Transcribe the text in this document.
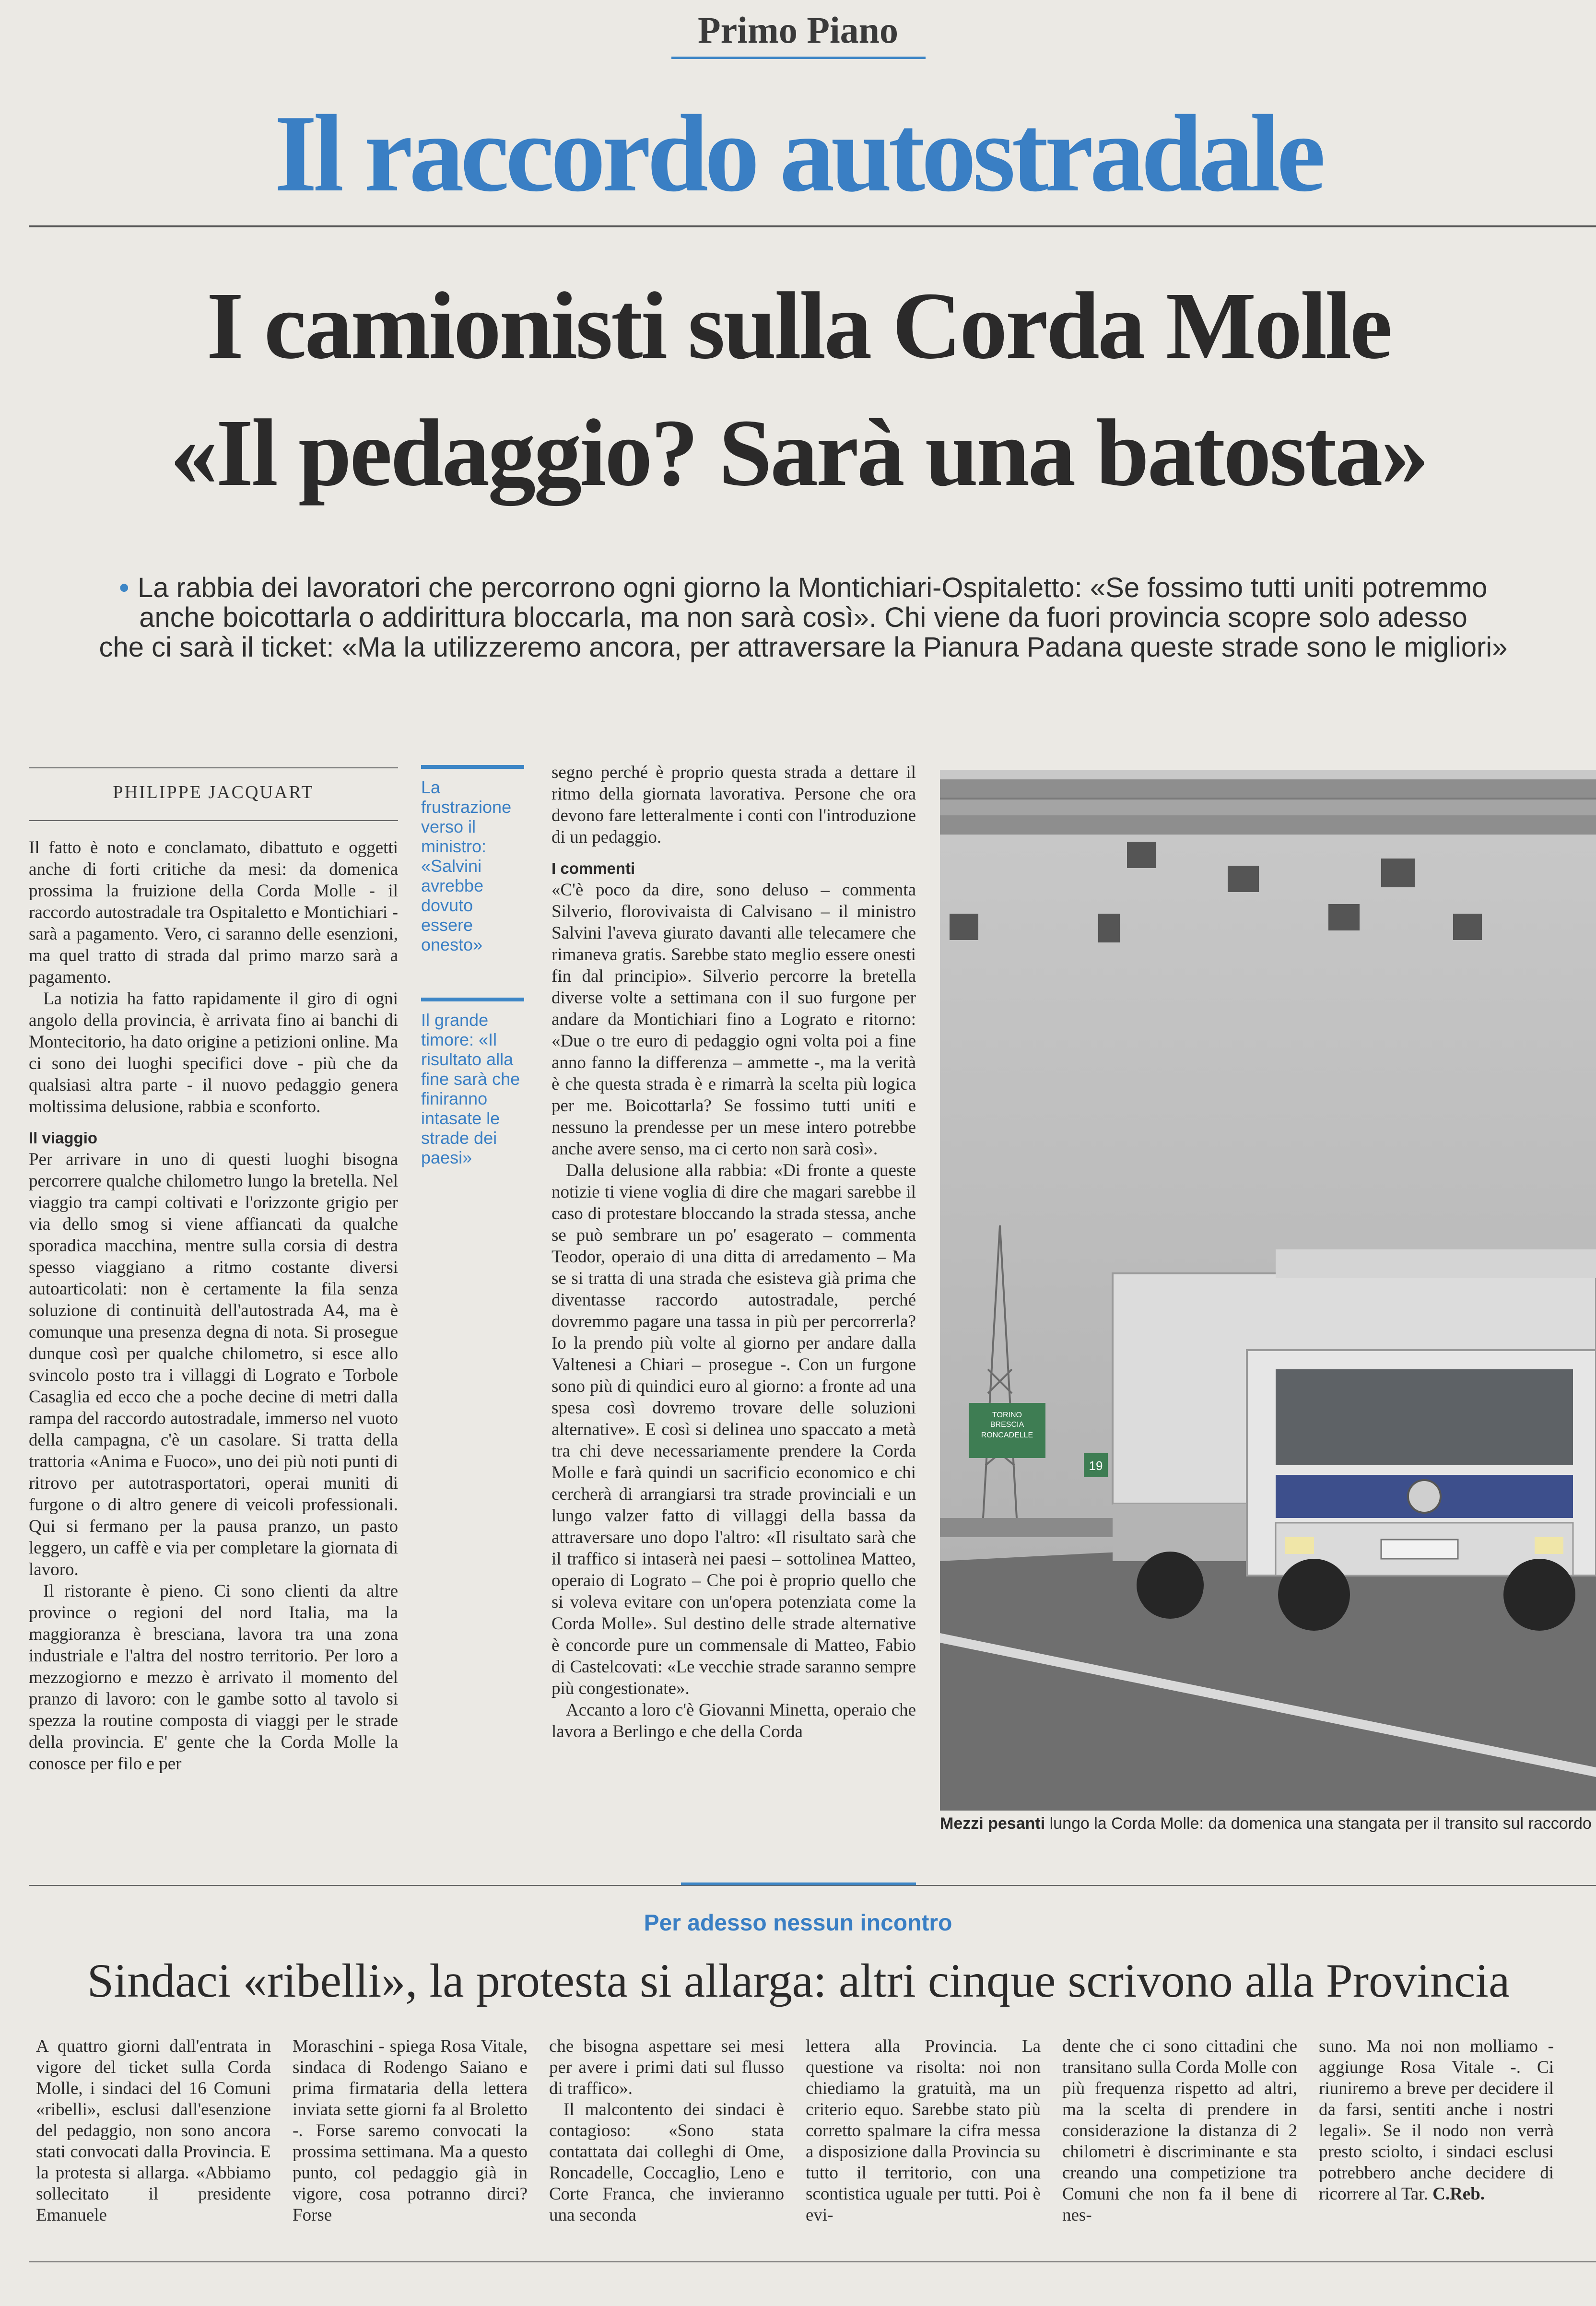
Primo Piano
Il raccordo autostradale
I camionisti sulla Corda Molle
«Il pedaggio? Sarà una batosta»
• La rabbia dei lavoratori che percorrono ogni giorno la Montichiari-Ospitaletto: «Se fossimo tutti uniti potremmo
anche boicottarla o addirittura bloccarla, ma non sarà così». Chi viene da fuori provincia scopre solo adesso
che ci sarà il ticket: «Ma la utilizzeremo ancora, per attraversare la Pianura Padana queste strade sono le migliori»
PHILIPPE JACQUART

Il fatto è noto e conclamato, dibattuto e oggetti anche di forti critiche da mesi: da domenica prossima la fruizione della Corda Molle - il raccordo autostradale tra Ospitaletto e Montichiari - sarà a pagamento. Vero, ci saranno delle esenzioni, ma quel tratto di strada dal primo marzo sarà a pagamento.

La notizia ha fatto rapidamente il giro di ogni angolo della provincia, è arrivata fino ai banchi di Montecitorio, ha dato origine a petizioni online. Ma ci sono dei luoghi specifici dove - più che da qualsiasi altra parte - il nuovo pedaggio genera moltissima delusione, rabbia e sconforto.

Il viaggio

Per arrivare in uno di questi luoghi bisogna percorrere qualche chilometro lungo la bretella. Nel viaggio tra campi coltivati e l'orizzonte grigio per via dello smog si viene affiancati da qualche sporadica macchina, mentre sulla corsia di destra spesso viaggiano a ritmo costante diversi autoarticolati: non è certamente la fila senza soluzione di continuità dell'autostrada A4, ma è comunque una presenza degna di nota. Si prosegue dunque così per qualche chilometro, si esce allo svincolo posto tra i villaggi di Lograto e Torbole Casaglia ed ecco che a poche decine di metri dalla rampa del raccordo autostradale, immerso nel vuoto della campagna, c'è un casolare. Si tratta della trattoria «Anima e Fuoco», uno dei più noti punti di ritrovo per autotrasportatori, operai muniti di furgone o di altro genere di veicoli professionali. Qui si fermano per la pausa pranzo, un pasto leggero, un caffè e via per completare la giornata di lavoro.

Il ristorante è pieno. Ci sono clienti da altre province o regioni del nord Italia, ma la maggioranza è bresciana, lavora tra una zona industriale e l'altra del nostro territorio. Per loro a mezzogiorno e mezzo è arrivato il momento del pranzo di lavoro: con le gambe sotto al tavolo si spezza la routine composta di viaggi per le strade della provincia. E' gente che la Corda Molle la conosce per filo e per

La frustrazione verso il ministro: «Salvini avrebbe dovuto essere onesto»
Il grande timore: «Il risultato alla fine sarà che finiranno intasate le strade dei paesi»

segno perché è proprio questa strada a dettare il ritmo della giornata lavorativa. Persone che ora devono fare letteralmente i conti con l'introduzione di un pedaggio.

I commenti

«C'è poco da dire, sono deluso – commenta Silverio, florovivaista di Calvisano – il ministro Salvini l'aveva giurato davanti alle telecamere che rimaneva gratis. Sarebbe stato meglio essere onesti fin dal principio». Silverio percorre la bretella diverse volte a settimana con il suo furgone per andare da Montichiari fino a Lograto e ritorno: «Due o tre euro di pedaggio ogni volta poi a fine anno fanno la differenza – ammette -, ma la verità è che questa strada è e rimarrà la scelta più logica per me. Boicottarla? Se fossimo tutti uniti e nessuno la prendesse per un mese intero potrebbe anche avere senso, ma ci certo non sarà così».

Dalla delusione alla rabbia: «Di fronte a queste notizie ti viene voglia di dire che magari sarebbe il caso di protestare bloccando la strada stessa, anche se può sembrare un po' esagerato – commenta Teodor, operaio di una ditta di arredamento – Ma se si tratta di una strada che esisteva già prima che diventasse raccordo autostradale, perché dovremmo pagare una tassa in più per percorrerla? Io la prendo più volte al giorno per andare dalla Valtenesi a Chiari – prosegue -. Con un furgone sono più di quindici euro al giorno: a fronte ad una spesa così dovremo trovare delle soluzioni alternative». E così si delinea uno spaccato a metà tra chi deve necessariamente prendere la Corda Molle e farà quindi un sacrificio economico e chi cercherà di arrangiarsi tra strade provinciali e un lungo valzer fatto di villaggi della bassa da attraversare uno dopo l'altro: «Il risultato sarà che il traffico si intaserà nei paesi – sottolinea Matteo, operaio di Lograto – Che poi è proprio quello che si voleva evitare con un'opera potenziata come la Corda Molle». Sul destino delle strade alternative è concorde pure un commensale di Matteo, Fabio di Castelcovati: «Le vecchie strade saranno sempre più congestionate».

Accanto a loro c'è Giovanni Minetta, operaio che lavora a Berlingo e che della Corda

TORINO
BRESCIA
RONCADELLE
19
Mezzi pesanti lungo la Corda Molle: da domenica una stangata per il transito sul raccordo
Per adesso nessun incontro
Sindaci «ribelli», la protesta si allarga: altri cinque scrivono alla Provincia

A quattro giorni dall'entrata in vigore del ticket sulla Corda Molle, i sindaci del 16 Comuni «ribelli», esclusi dall'esenzione del pedaggio, non sono ancora stati convocati dalla Provincia. E la protesta si allarga. «Abbiamo sollecitato il presidente Emanuele

Moraschini - spiega Rosa Vitale, sindaca di Rodengo Saiano e prima firmataria della lettera inviata sette giorni fa al Broletto -. Forse saremo convocati la prossima settimana. Ma a questo punto, col pedaggio già in vigore, cosa potranno dirci? Forse

che bisogna aspettare sei mesi per avere i primi dati sul flusso di traffico».

Il malcontento dei sindaci è contagioso: «Sono stata contattata dai colleghi di Ome, Roncadelle, Coccaglio, Leno e Corte Franca, che invieranno una seconda

lettera alla Provincia. La questione va risolta: noi non chiediamo la gratuità, ma un criterio equo. Sarebbe stato più corretto spalmare la cifra messa a disposizione dalla Provincia su tutto il territorio, con una scontistica uguale per tutti. Poi è evi-

dente che ci sono cittadini che transitano sulla Corda Molle con più frequenza rispetto ad altri, ma la scelta di prendere in considerazione la distanza di 2 chilometri è discriminante e sta creando una competizione tra Comuni che non fa il bene di nes-

suno. Ma noi non molliamo - aggiunge Rosa Vitale -. Ci riuniremo a breve per decidere il da farsi, sentiti anche i nostri legali». Se il nodo non verrà presto sciolto, i sindaci esclusi potrebbero anche decidere di ricorrere al Tar. C.Reb.
